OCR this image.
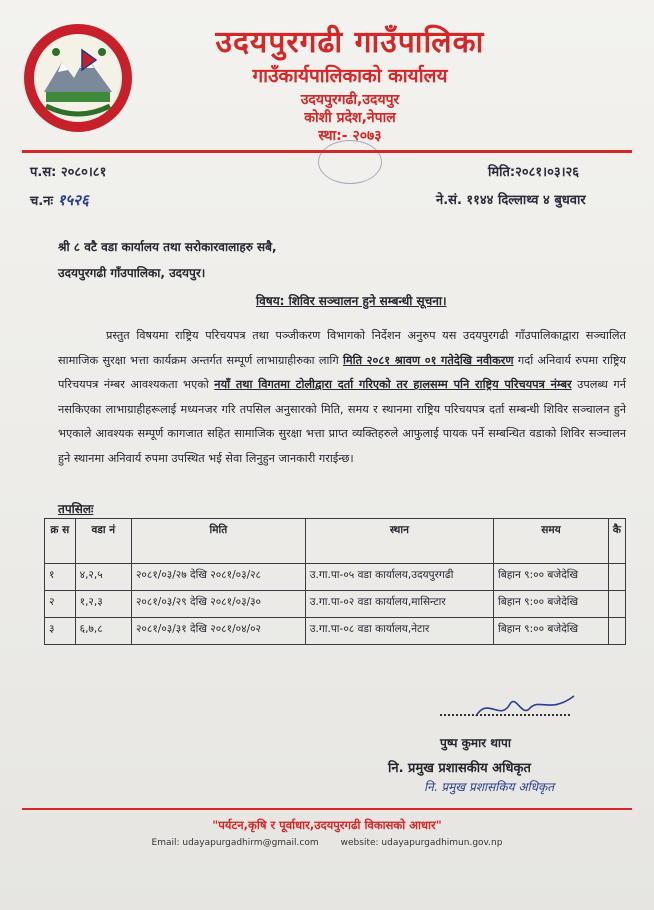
उदयपुरगढी गाउँपालिका
गाउँकार्यपालिकाको कार्यालय
उदयपुरगढी,उदयपुर
कोशी प्रदेश,नेपाल
स्था:- २०७३
प.स: २०८०।८१
च.नः १५२६
मिति:२०८१।०३।२६
ने.सं. ११४४ दिल्लाथ्व ४ बुधवार
श्री ८ वटै वडा कार्यालय तथा सरोकारवालाहरु सबै,
उदयपुरगढी गाँउपालिका, उदयपुर।
विषय: शिविर सञ्चालन हुने सम्बन्धी सूचना।
प्रस्तुत विषयमा राष्ट्रिय परिचयपत्र तथा पञ्जीकरण विभागको निर्देशन अनुरुप यस उदयपुरगढी गाँउपालिकाद्वारा सञ्चालित सामाजिक सुरक्षा भत्ता कार्यक्रम अन्तर्गत सम्पूर्ण लाभाग्राहीरुका लागि मिति २०८१ श्रावण ०१ गतेदेखि नवीकरण गर्दा अनिवार्य रुपमा राष्ट्रिय परिचयपत्र नंम्बर आवश्यकता भएको नयाँ तथा विगतमा टोलीद्वारा दर्ता गरिएको तर हालसम्म पनि राष्ट्रिय परिचयपत्र नंम्बर उपलब्ध गर्न नसकिएका लाभाग्राहीहरूलाई मध्यनजर गरि तपसिल अनुसारको मिति, समय र स्थानमा राष्ट्रिय परिचयपत्र दर्ता सम्बन्धी शिविर सञ्चालन हुने भएकाले आवश्यक सम्पूर्ण कागजात सहित सामाजिक सुरक्षा भत्ता प्राप्त व्यक्तिहरुले आफुलाई पायक पर्ने सम्बन्धित वडाको शिविर सञ्चालन हुने स्थानमा अनिवार्य रुपमा उपस्थित भई सेवा लिनुहुन जानकारी गराईन्छ।
तपसिलः
क्र स	वडा नं	मिति	स्थान	समय	कै
१	४,२,५	२०८१/०३/२७ देखि २०८१/०३/२८	उ.गा.पा-०५ वडा कार्यालय,उदयपुरगढी	बिहान ९:०० बजेदेखि	
२	१,२,३	२०८१/०३/२९ देखि २०८१/०३/३०	उ.गा.पा-०२ वडा कार्यालय,मासिन्टार	बिहान ९:०० बजेदेखि	
३	६,७,८	२०८१/०३/३१ देखि २०८१/०४/०२	उ.गा.पा-०८ वडा कार्यालय,नेटार	बिहान ९:०० बजेदेखि	
पुष्प कुमार थापा
नि. प्रमुख प्रशासकीय अधिकृत
नि. प्रमुख प्रशासकिय अधिकृत
"पर्यटन,कृषि र पूर्वाधार,उदयपुरगढी विकासको आधार"
Email: udayapurgadhirm@gmail.com website: udayapurgadhimun.gov.np
